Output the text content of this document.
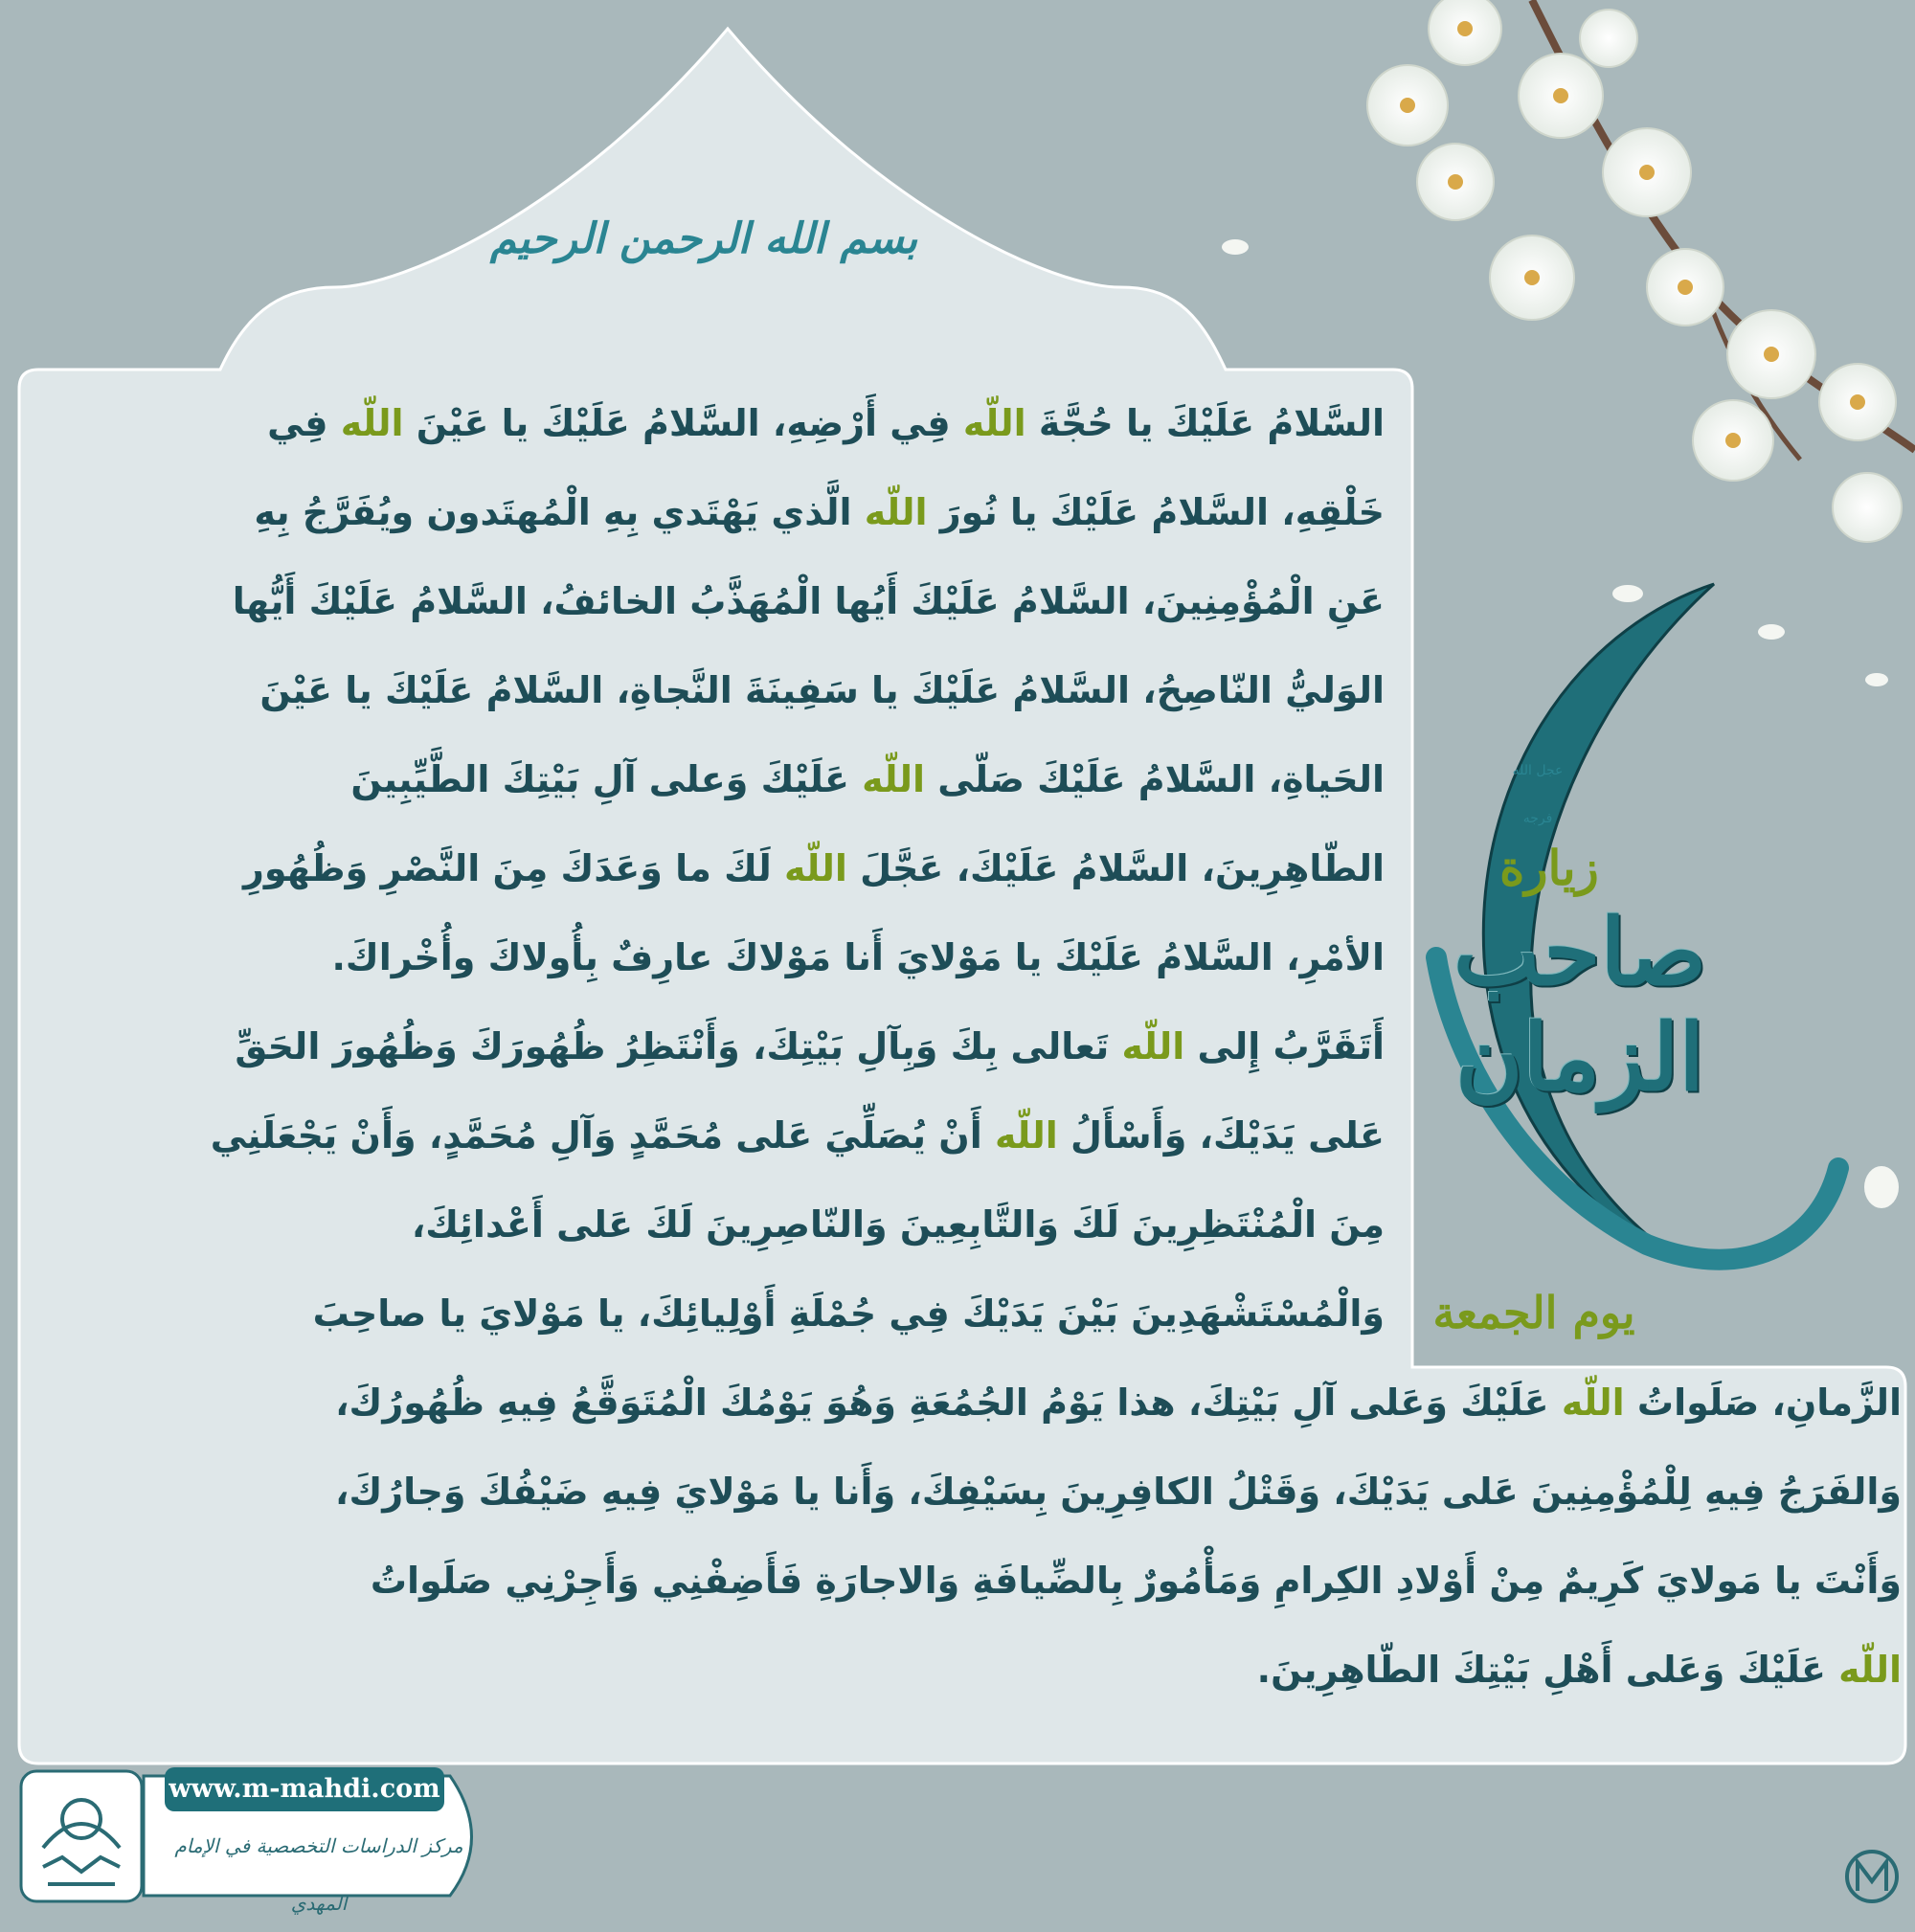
بسم الله الرحمن الرحيم
عجل الله فرجه
زيارة
صاحب الزمان
يوم الجمعة
السَّلامُ عَلَيْكَ يا حُجَّةَ اللّه فِي أَرْضِهِ، السَّلامُ عَلَيْكَ يا عَيْنَ اللّه فِي
خَلْقِهِ، السَّلامُ عَلَيْكَ يا نُورَ اللّه الَّذي يَهْتَدي بِهِ الْمُهتَدون ويُفَرَّجُ بِهِ
عَنِ الْمُؤْمِنِينَ، السَّلامُ عَلَيْكَ أَيُها الْمُهَذَّبُ الخائفُ، السَّلامُ عَلَيْكَ أَيُّها
الوَليُّ النّاصِحُ، السَّلامُ عَلَيْكَ يا سَفِينَةَ النَّجاةِ، السَّلامُ عَلَيْكَ يا عَيْنَ
الحَياةِ، السَّلامُ عَلَيْكَ صَلّى اللّه عَلَيْكَ وَعلى آلِ بَيْتِكَ الطَّيِّبِينَ
الطّاهِرِينَ، السَّلامُ عَلَيْكَ، عَجَّلَ اللّه لَكَ ما وَعَدَكَ مِنَ النَّصْرِ وَظُهُورِ
الأمْرِ، السَّلامُ عَلَيْكَ يا مَوْلايَ أَنا مَوْلاكَ عارِفٌ بِأُولاكَ وأُخْراكَ.
أَتَقَرَّبُ إِلى اللّه تَعالى بِكَ وَبِآلِ بَيْتِكَ، وَأَنْتَظِرُ ظُهُورَكَ وَظُهُورَ الحَقِّ
عَلى يَدَيْكَ، وَأَسْأَلُ اللّه أَنْ يُصَلِّيَ عَلى مُحَمَّدٍ وَآلِ مُحَمَّدٍ، وَأَنْ يَجْعَلَنِي
مِنَ الْمُنْتَظِرِينَ لَكَ وَالتَّابِعِينَ وَالنّاصِرِينَ لَكَ عَلى أَعْدائِكَ،
وَالْمُسْتَشْهَدِينَ بَيْنَ يَدَيْكَ فِي جُمْلَةِ أَوْلِيائِكَ، يا مَوْلايَ يا صاحِبَ
الزَّمانِ، صَلَواتُ اللّه عَلَيْكَ وَعَلى آلِ بَيْتِكَ، هذا يَوْمُ الجُمُعَةِ وَهُوَ يَوْمُكَ الْمُتَوَقَّعُ فِيهِ ظُهُورُكَ،
وَالفَرَجُ فِيهِ لِلْمُؤْمِنِينَ عَلى يَدَيْكَ، وَقَتْلُ الكافِرِينَ بِسَيْفِكَ، وَأَنا يا مَوْلايَ فِيهِ ضَيْفُكَ وَجارُكَ،
وَأَنْتَ يا مَولايَ كَرِيمٌ مِنْ أَوْلادِ الكِرامِ وَمَأْمُورٌ بِالضِّيافَةِ وَالاجارَةِ فَأَضِفْنِي وَأَجِرْنِي صَلَواتُ
اللّه عَلَيْكَ وَعَلى أَهْلِ بَيْتِكَ الطّاهِرِينَ.
www.m-mahdi.com
مركز الدراسات التخصصية في الإمام المهدي
